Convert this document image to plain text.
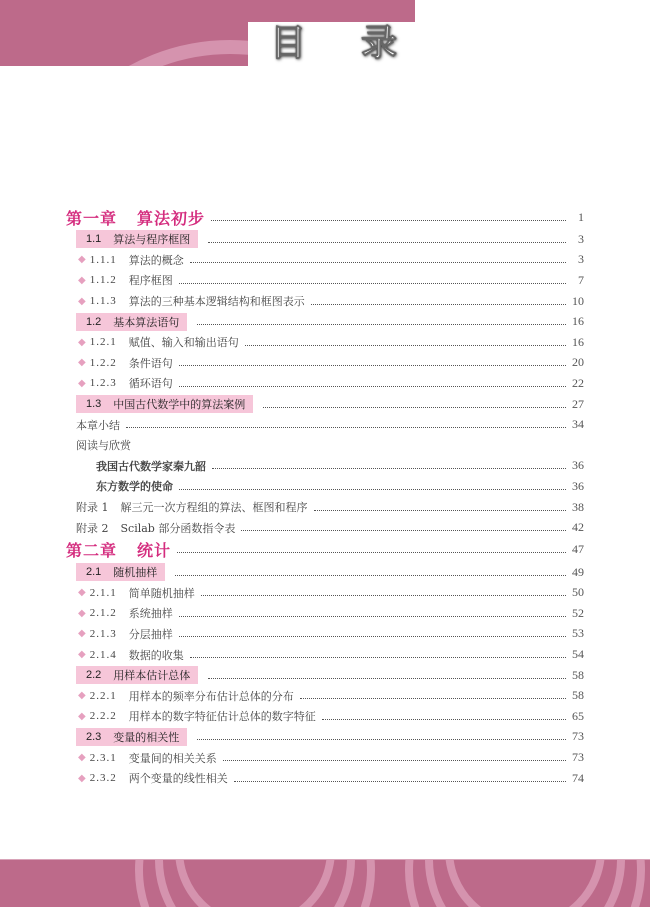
目 录
第一章 算法初步	1
1.1 算法与程序框图	3
◆ 1.1.1 算法的概念	3
◆ 1.1.2 程序框图	7
◆ 1.1.3 算法的三种基本逻辑结构和框图表示	10
1.2 基本算法语句	16
◆ 1.2.1 赋值、输入和输出语句	16
◆ 1.2.2 条件语句	20
◆ 1.2.3 循环语句	22
1.3 中国古代数学中的算法案例	27
本章小结	34
阅读与欣赏
我国古代数学家秦九韶	36
东方数学的使命	36
附录 1 解三元一次方程组的算法、框图和程序	38
附录 2 Scilab 部分函数指令表	42
第二章 统计	47
2.1 随机抽样	49
◆ 2.1.1 简单随机抽样	50
◆ 2.1.2 系统抽样	52
◆ 2.1.3 分层抽样	53
◆ 2.1.4 数据的收集	54
2.2 用样本估计总体	58
◆ 2.2.1 用样本的频率分布估计总体的分布	58
◆ 2.2.2 用样本的数字特征估计总体的数字特征	65
2.3 变量的相关性	73
◆ 2.3.1 变量间的相关关系	73
◆ 2.3.2 两个变量的线性相关	74
